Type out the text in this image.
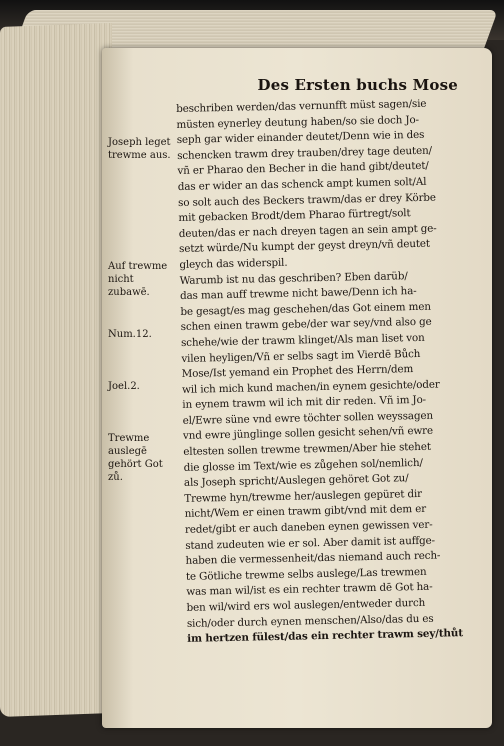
Des Ersten buchs Mose
Joseph leget trewme aus.
Auf trewme nicht zubawē.
Num.12.
Joel.2.
Trewme auslegē gehört Got zů.
beschriben werden/das vernunfft müst sagen/sie
müsten eynerley deutung haben/so sie doch Jo-
seph gar wider einander deutet/Denn wie in des
schencken trawm drey trauben/drey tage deuten/
vñ er Pharao den Becher in die hand gibt/deutet/
das er wider an das schenck ampt kumen solt/Al
so solt auch des Beckers trawm/das er drey Körbe
mit gebacken Brodt/dem Pharao fürtregt/solt
deuten/das er nach dreyen tagen an sein ampt ge-
setzt würde/Nu kumpt der geyst dreyn/vñ deutet
gleych das widerspil.
Warumb ist nu das geschriben? Eben darüb/
das man auff trewme nicht bawe/Denn ich ha-
be gesagt/es mag geschehen/das Got einem men
schen einen trawm gebe/der war sey/vnd also ge
schehe/wie der trawm klinget/Als man liset von
vilen heyligen/Vñ er selbs sagt im Vierdē Bůch
Mose/Ist yemand ein Prophet des Herrn/dem
wil ich mich kund machen/in eynem gesichte/oder
in eynem trawm wil ich mit dir reden. Vñ im Jo-
el/Ewre süne vnd ewre töchter sollen weyssagen
vnd ewre jünglinge sollen gesicht sehen/vñ ewre
eltesten sollen trewme trewmen/Aber hie stehet
die glosse im Text/wie es zůgehen sol/nemlich/
als Joseph spricht/Auslegen gehöret Got zu/
Trewme hyn/trewme her/auslegen gepüret dir
nicht/Wem er einen trawm gibt/vnd mit dem er
redet/gibt er auch daneben eynen gewissen ver-
stand zudeuten wie er sol. Aber damit ist auffge-
haben die vermessenheit/das niemand auch rech-
te Götliche trewme selbs auslege/Las trewmen
was man wil/ist es ein rechter trawm dē Got ha-
ben wil/wird ers wol auslegen/entweder durch
sich/oder durch eynen menschen/Also/das du es
im hertzen fülest/das ein rechter trawm sey/thůt
